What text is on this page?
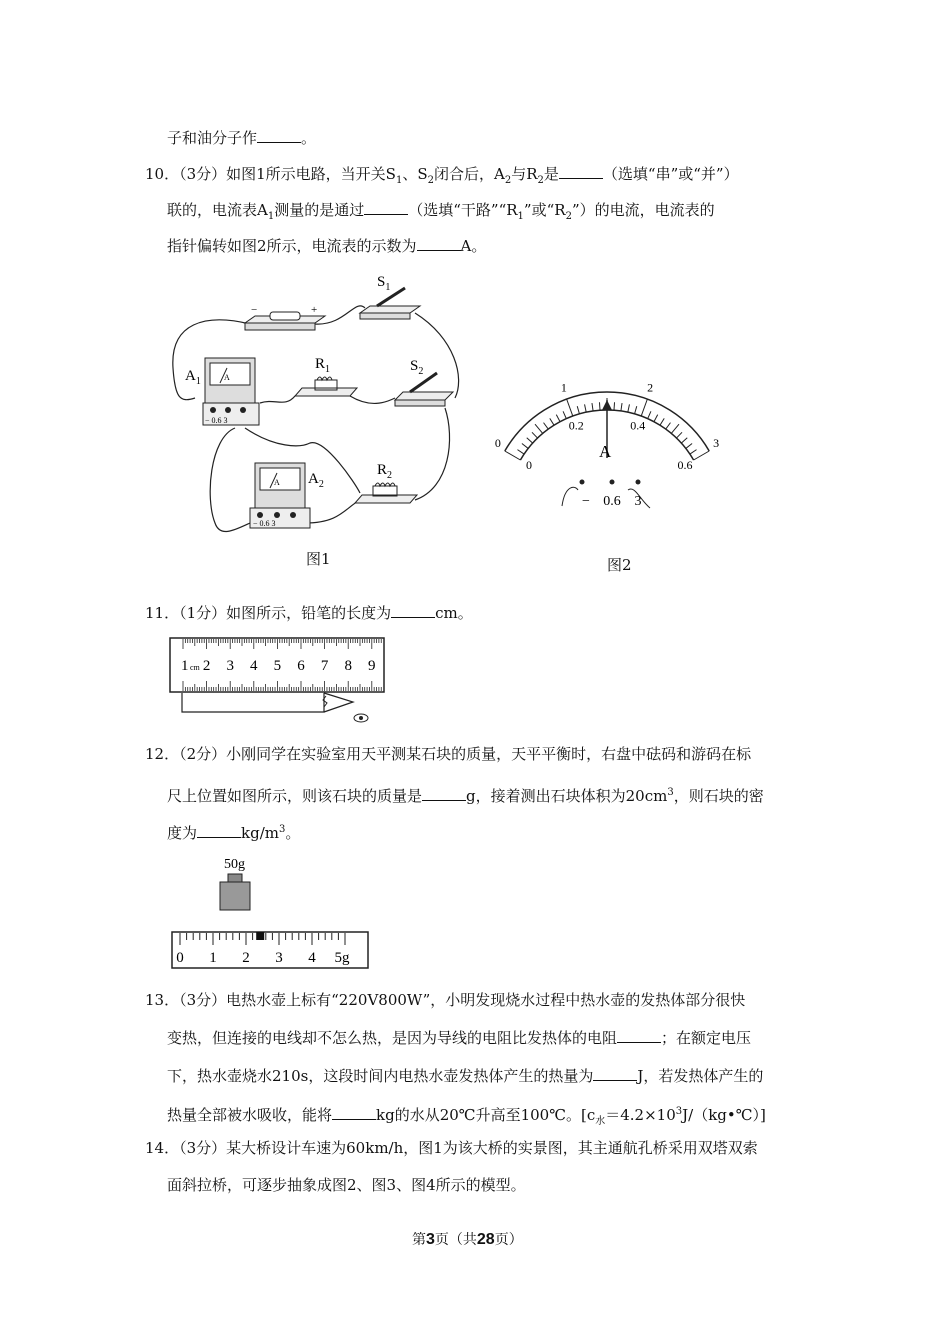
子和油分子作	。
10．（3分）如图1所示电路，当开关$S_1$、$S_2$闭合后，$A_2$与$R_2$是	（选填“串”或“并”）
联的，电流表$A_1$测量的是通过	（选填“干路$”“R_1$”或“$R_2$”）的电流，电流表的
指针偏转如图2所示，电流表的示数为	A。
−	+
$S_1$
A
− 0.6 3
$A_1$
$R_1$	$S_2$
A
− 0.6 3
$A_2$
$R_2$
图1
0
1	2
3
0
0.2	0.4
0.6
A
− 0.6 3
图2
11．（1分）如图所示，铅笔的长度为	cm。
1 cm 2 3 4 5 6 7 8 9
12．（2分）小刚同学在实验室用天平测某石块的质量，天平平衡时，右盘中砝码和游码在标
尺上位置如图所示，则该石块的质量是	g，接着测出石块体积为$20cm^3$，则石块的密
度为	$kg/m^3$。
50g
0 1 2 3 4 5g
13．（3分）电热水壶上标有“220V800W”，小明发现烧水过程中热水壶的发热体部分很快
变热，但连接的电线却不怎么热，是因为导线的电阻比发热体的电阻	；在额定电压
下，热水壶烧水210s，这段时间内电热水壶发热体产生的热量为	J，若发热体产生的
热量全部被水吸收，能将	kg的水从20℃升高至100℃。$[c_水=4.2\times 10^3J/(kg•℃)]$
14．（3分）某大桥设计车速为60km/h，图1为该大桥的实景图，其主通航孔桥采用双塔双索
面斜拉桥，可逐步抽象成图2、图3、图4所示的模型。
第3页（共28页）
